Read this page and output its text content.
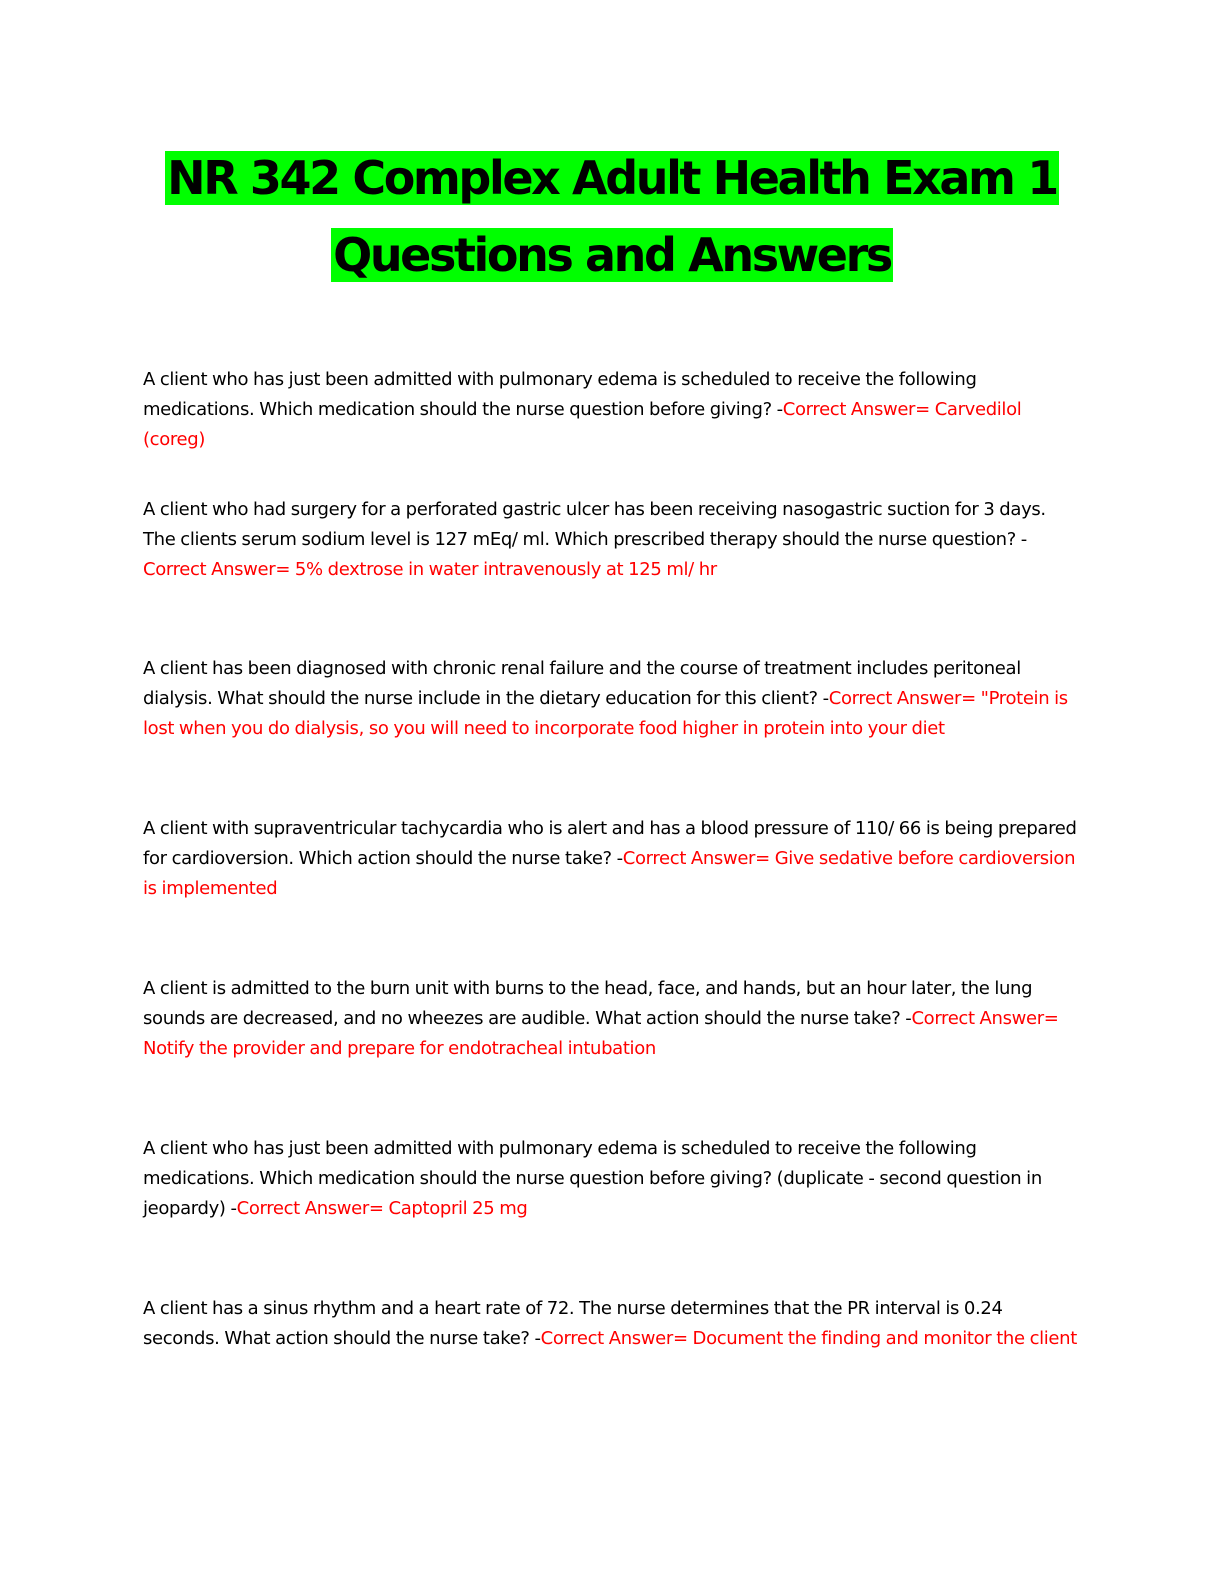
NR 342 Complex Adult Health Exam 1
Questions and Answers

A client who has just been admitted with pulmonary edema is scheduled to receive the following medications. Which medication should the nurse question before giving? -Correct Answer= Carvedilol (coreg)

A client who had surgery for a perforated gastric ulcer has been receiving nasogastric suction for 3 days. The clients serum sodium level is 127 mEq/ ml. Which prescribed therapy should the nurse question? -Correct Answer= 5% dextrose in water intravenously at 125 ml/ hr

A client has been diagnosed with chronic renal failure and the course of treatment includes peritoneal dialysis. What should the nurse include in the dietary education for this client? -Correct Answer= "Protein is lost when you do dialysis, so you will need to incorporate food higher in protein into your diet

A client with supraventricular tachycardia who is alert and has a blood pressure of 110/ 66 is being prepared for cardioversion. Which action should the nurse take? -Correct Answer= Give sedative before cardioversion is implemented

A client is admitted to the burn unit with burns to the head, face, and hands, but an hour later, the lung sounds are decreased, and no wheezes are audible. What action should the nurse take? -Correct Answer= Notify the provider and prepare for endotracheal intubation

A client who has just been admitted with pulmonary edema is scheduled to receive the following medications. Which medication should the nurse question before giving? (duplicate - second question in jeopardy) -Correct Answer= Captopril 25 mg

A client has a sinus rhythm and a heart rate of 72. The nurse determines that the PR interval is 0.24 seconds. What action should the nurse take? -Correct Answer= Document the finding and monitor the client
